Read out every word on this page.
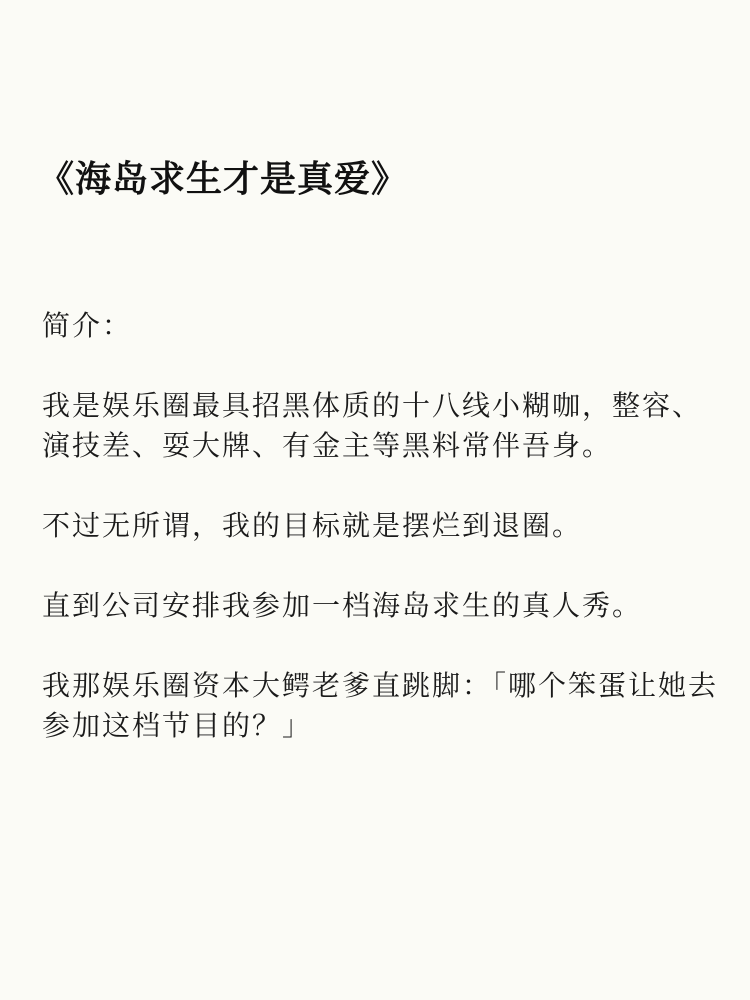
《海岛求生才是真爱》

简介：

我是娱乐圈最具招黑体质的十八线小糊咖，整容、演技差、耍大牌、有金主等黑料常伴吾身。

不过无所谓，我的目标就是摆烂到退圈。

直到公司安排我参加一档海岛求生的真人秀。

我那娱乐圈资本大鳄老爹直跳脚：「哪个笨蛋让她去参加这档节目的？」
